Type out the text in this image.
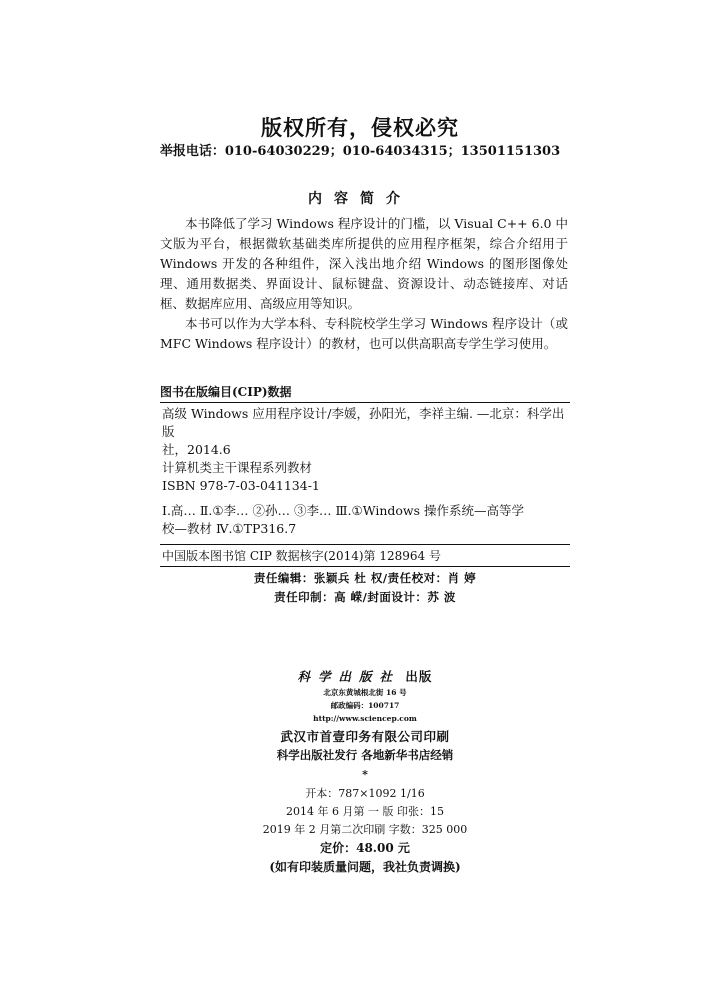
版权所有，侵权必究
举报电话：010-64030229；010-64034315；13501151303
内容简介

本书降低了学习 Windows 程序设计的门槛，以 Visual C++ 6.0 中文版为平台，根据微软基础类库所提供的应用程序框架，综合介绍用于 Windows 开发的各种组件，深入浅出地介绍 Windows 的图形图像处理、通用数据类、界面设计、鼠标键盘、资源设计、动态链接库、对话框、数据库应用、高级应用等知识。

本书可以作为大学本科、专科院校学生学习 Windows 程序设计（或 MFC Windows 程序设计）的教材，也可以供高职高专学生学习使用。

图书在版编目(CIP)数据
高级 Windows 应用程序设计/李媛，孙阳光，李祥主编. —北京：科学出版
社，2014.6
计算机类主干课程系列教材
ISBN 978-7-03-041134-1
Ⅰ.高… Ⅱ.①李… ②孙… ③李… Ⅲ.①Windows 操作系统—高等学
校—教材 Ⅳ.①TP316.7
中国版本图书馆 CIP 数据核字(2014)第 128964 号
责任编辑：张颖兵 杜 权/责任校对：肖 婷
责任印制：高 嵘/封面设计：苏 波
科学出版社 出版
北京东黄城根北街 16 号
邮政编码：100717
http://www.sciencep.com
武汉市首壹印务有限公司印刷
科学出版社发行 各地新华书店经销
*
开本：787×1092 1/16
2014 年 6 月第 一 版 印张：15
2019 年 2 月第二次印刷 字数：325 000
定价：48.00 元
(如有印装质量问题，我社负责调换)
